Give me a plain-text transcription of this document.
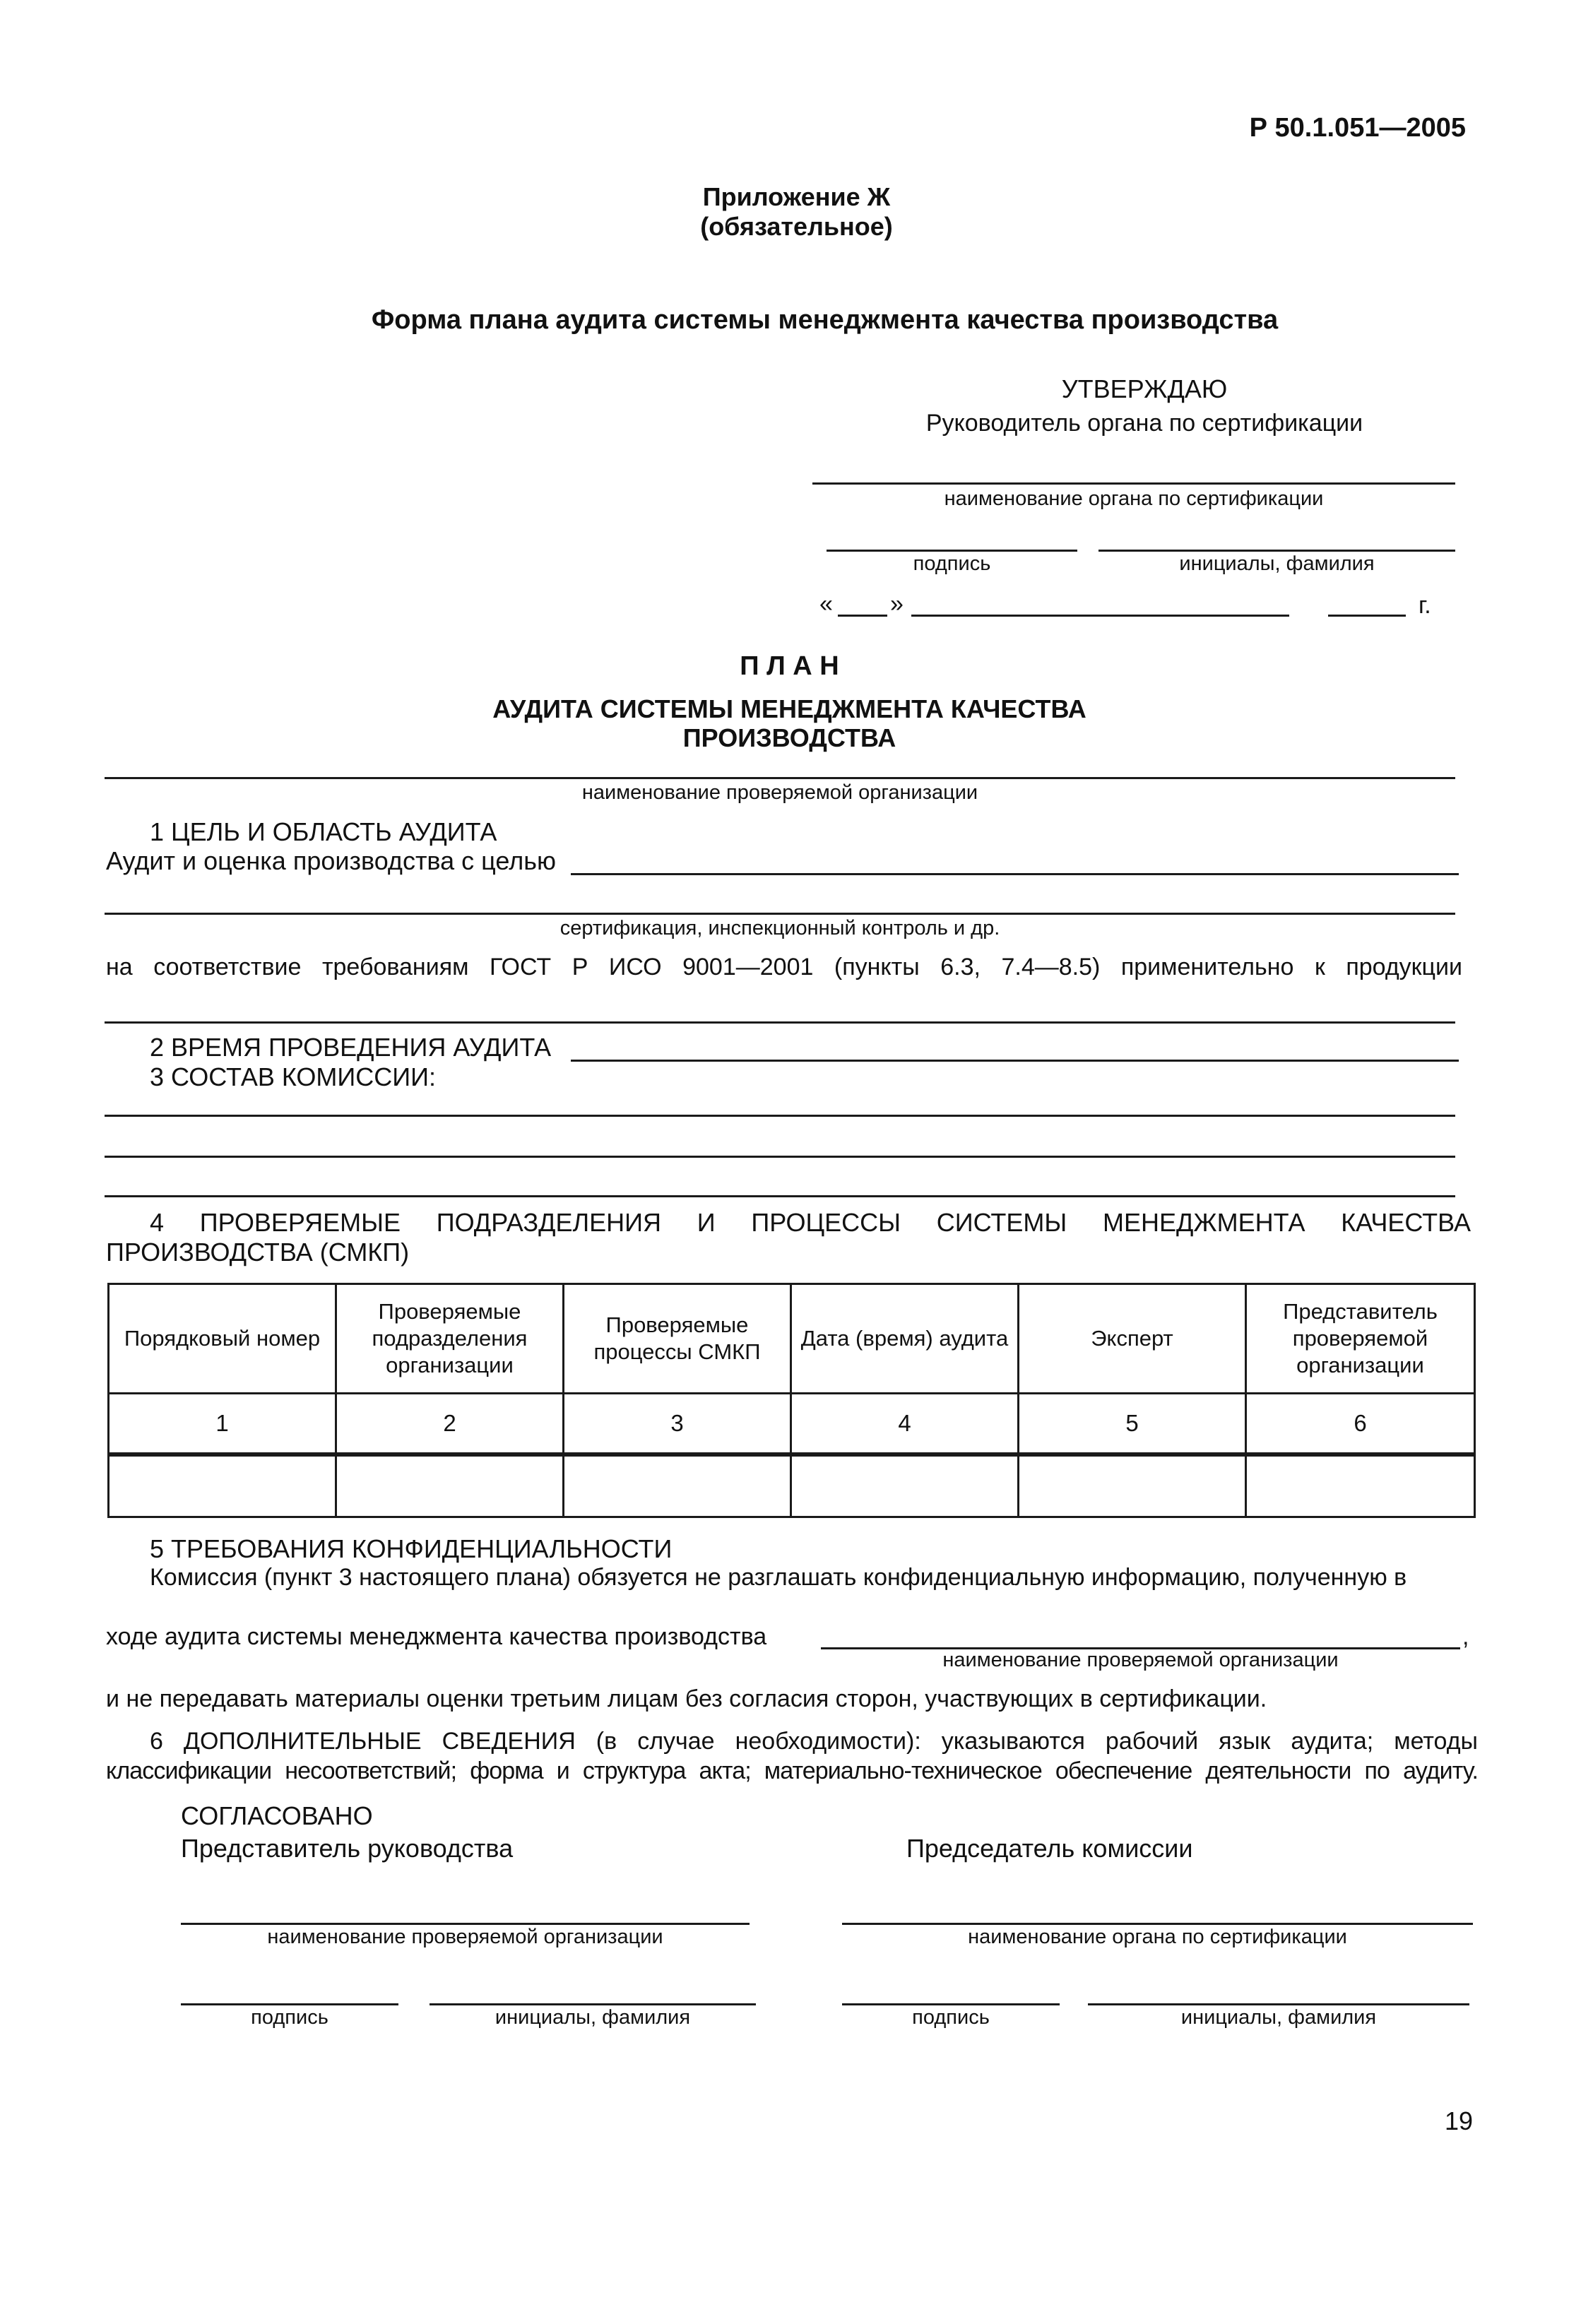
Р 50.1.051—2005
Приложение Ж
(обязательное)
Форма плана аудита системы менеджмента качества производства
УТВЕРЖДАЮ
Руководитель органа по сертификации
наименование органа по сертификации
подпись	инициалы, фамилия
« »	г.
П Л А Н
АУДИТА СИСТЕМЫ МЕНЕДЖМЕНТА КАЧЕСТВА
ПРОИЗВОДСТВА
наименование проверяемой организации
1 ЦЕЛЬ И ОБЛАСТЬ АУДИТА
Аудит и оценка производства с целью
сертификация, инспекционный контроль и др.
на соответствие требованиям ГОСТ Р ИСО 9001—2001 (пункты 6.3, 7.4—8.5) применительно к продукции
2 ВРЕМЯ ПРОВЕДЕНИЯ АУДИТА
3 СОСТАВ КОМИССИИ:
4 ПРОВЕРЯЕМЫЕ ПОДРАЗДЕЛЕНИЯ И ПРОЦЕССЫ СИСТЕМЫ МЕНЕДЖМЕНТА КАЧЕСТВА
ПРОИЗВОДСТВА (СМКП)
Порядковый номер	Проверяемые подразделения организации	Проверяемые процессы СМКП	Дата (время) аудита	Эксперт	Представитель проверяемой организации
1	2	3	4	5	6

5 ТРЕБОВАНИЯ КОНФИДЕНЦИАЛЬНОСТИ
Комиссия (пункт 3 настоящего плана) обязуется не разглашать конфиденциальную информацию, полученную в
ходе аудита системы менеджмента качества производства	,
наименование проверяемой организации
и не передавать материалы оценки третьим лицам без согласия сторон, участвующих в сертификации.
6 ДОПОЛНИТЕЛЬНЫЕ СВЕДЕНИЯ (в случае необходимости): указываются рабочий язык аудита; методы
классификации несоответствий; форма и структура акта; материально-техническое обеспечение деятельности по аудиту.
СОГЛАСОВАНО
Представитель руководства	Председатель комиссии
наименование проверяемой организации	наименование органа по сертификации
подпись	инициалы, фамилия	подпись	инициалы, фамилия
19
